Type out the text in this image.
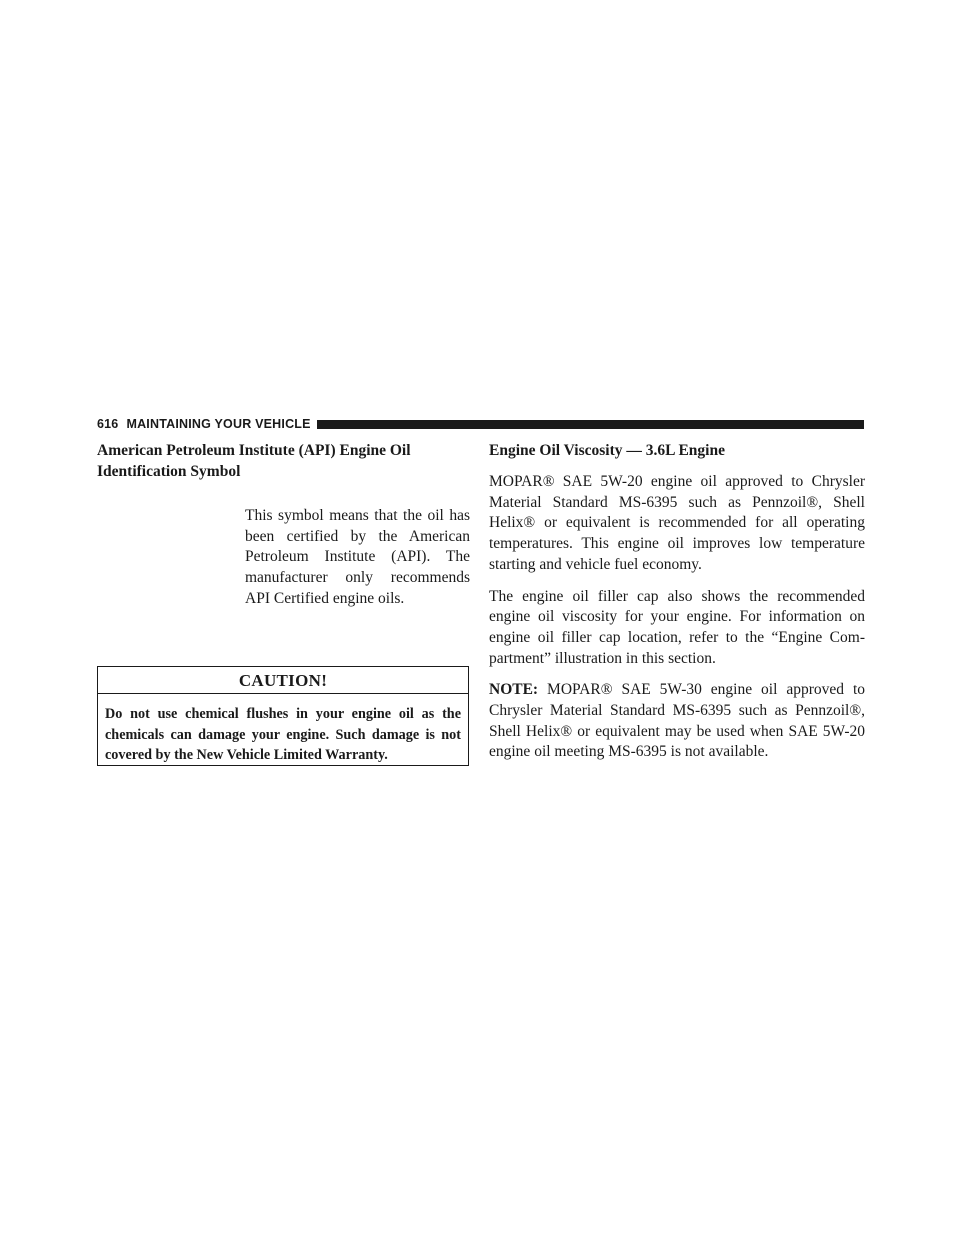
616 MAINTAINING YOUR VEHICLE
American Petroleum Institute (API) Engine Oil
Identification Symbol

This symbol means that the oil has been certified by the American Petroleum Institute (API). The manufacturer only recommends API Certified engine oils.

CAUTION!
Do not use chemical flushes in your engine oil as the chemicals can damage your engine. Such damage is not covered by the New Vehicle Limited Warranty.
Engine Oil Viscosity — 3.6L Engine

MOPAR® SAE 5W-20 engine oil approved to Chrysler Material Standard MS-6395 such as Pennzoil®, Shell Helix® or equivalent is recommended for all operating temperatures. This engine oil improves low temperature starting and vehicle fuel economy.

The engine oil filler cap also shows the recommended engine oil viscosity for your engine. For information on engine oil filler cap location, refer to the “Engine Com-partment” illustration in this section.

NOTE: MOPAR® SAE 5W-30 engine oil approved to Chrysler Material Standard MS-6395 such as Pennzoil®, Shell Helix® or equivalent may be used when SAE 5W-20 engine oil meeting MS-6395 is not available.
